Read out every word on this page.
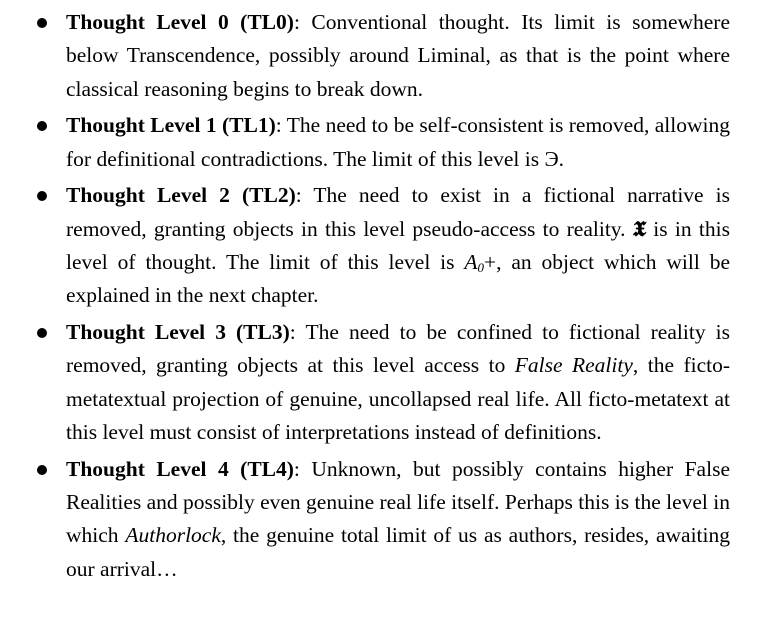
Thought Level 0 (TL0): Conventional thought. Its limit is somewhere below Transcendence, possibly around Liminal, as that is the point where classical reasoning begins to break down.
Thought Level 1 (TL1): The need to be self-consistent is removed, allowing for definitional contradictions. The limit of this level is Э.
Thought Level 2 (TL2): The need to exist in a fictional narrative is removed, granting objects in this level pseudo-access to reality. 𝖃 is in this level of thought. The limit of this level is $A_0+$, an object which will be explained in the next chapter.
Thought Level 3 (TL3): The need to be confined to fictional reality is removed, granting objects at this level access to False Reality, the ficto-metatextual projection of genuine, uncollapsed real life. All ficto-metatext at this level must consist of interpretations instead of definitions.
Thought Level 4 (TL4): Unknown, but possibly contains higher False Realities and possibly even genuine real life itself. Perhaps this is the level in which Authorlock, the genuine total limit of us as authors, resides, awaiting our arrival…
